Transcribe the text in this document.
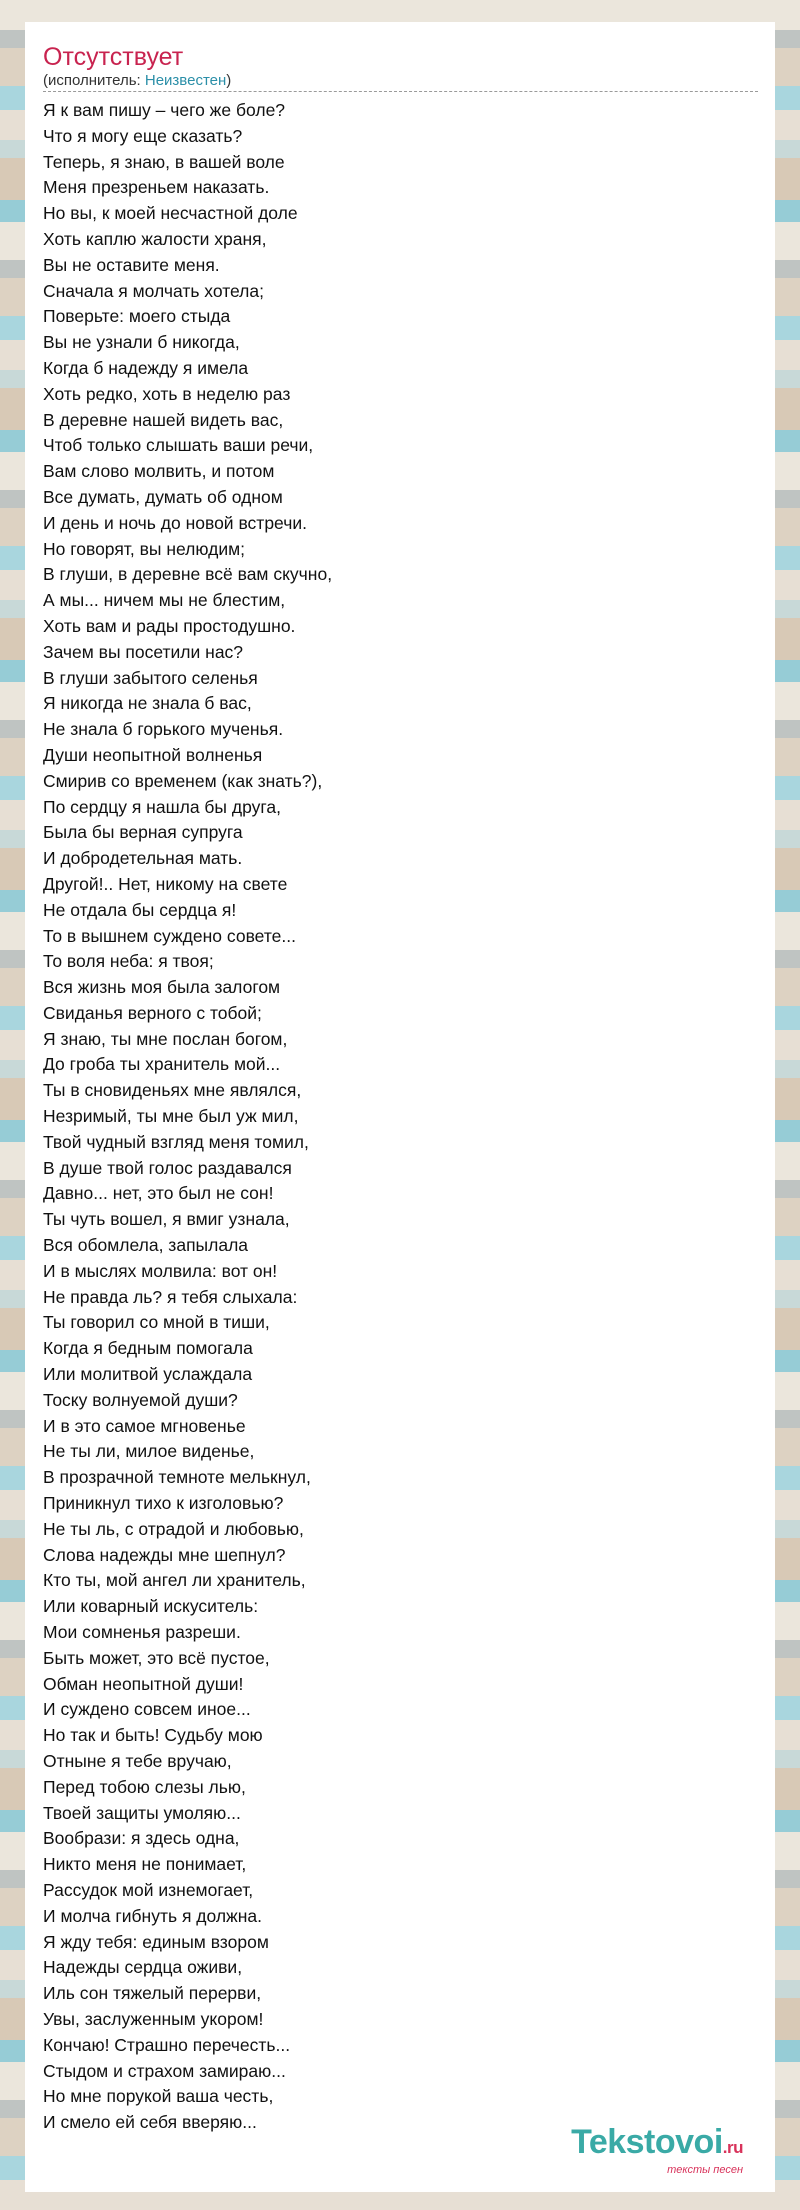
Отсутствует
(исполнитель: Неизвестен)
Я к вам пишу – чего же боле?
Что я могу еще сказать?
Теперь, я знаю, в вашей воле
Меня презреньем наказать.
Но вы, к моей несчастной доле
Хоть каплю жалости храня,
Вы не оставите меня.
Сначала я молчать хотела;
Поверьте: моего стыда
Вы не узнали б никогда,
Когда б надежду я имела
Хоть редко, хоть в неделю раз
В деревне нашей видеть вас,
Чтоб только слышать ваши речи,
Вам слово молвить, и потом
Все думать, думать об одном
И день и ночь до новой встречи.
Но говорят, вы нелюдим;
В глуши, в деревне всё вам скучно,
А мы... ничем мы не блестим,
Хоть вам и рады простодушно.
Зачем вы посетили нас?
В глуши забытого селенья
Я никогда не знала б вас,
Не знала б горького мученья.
Души неопытной волненья
Смирив со временем (как знать?),
По сердцу я нашла бы друга,
Была бы верная супруга
И добродетельная мать.
Другой!.. Нет, никому на свете
Не отдала бы сердца я!
То в вышнем суждено совете...
То воля неба: я твоя;
Вся жизнь моя была залогом
Свиданья верного с тобой;
Я знаю, ты мне послан богом,
До гроба ты хранитель мой...
Ты в сновиденьях мне являлся,
Незримый, ты мне был уж мил,
Твой чудный взгляд меня томил,
В душе твой голос раздавался
Давно... нет, это был не сон!
Ты чуть вошел, я вмиг узнала,
Вся обомлела, запылала
И в мыслях молвила: вот он!
Не правда ль? я тебя слыхала:
Ты говорил со мной в тиши,
Когда я бедным помогала
Или молитвой услаждала
Тоску волнуемой души?
И в это самое мгновенье
Не ты ли, милое виденье,
В прозрачной темноте мелькнул,
Приникнул тихо к изголовью?
Не ты ль, с отрадой и любовью,
Слова надежды мне шепнул?
Кто ты, мой ангел ли хранитель,
Или коварный искуситель:
Мои сомненья разреши.
Быть может, это всё пустое,
Обман неопытной души!
И суждено совсем иное...
Но так и быть! Судьбу мою
Отныне я тебе вручаю,
Перед тобою слезы лью,
Твоей защиты умоляю...
Вообрази: я здесь одна,
Никто меня не понимает,
Рассудок мой изнемогает,
И молча гибнуть я должна.
Я жду тебя: единым взором
Надежды сердца оживи,
Иль сон тяжелый перерви,
Увы, заслуженным укором!
Кончаю! Страшно перечесть...
Стыдом и страхом замираю...
Но мне порукой ваша честь,
И смело ей себя вверяю...
Tekstovoi.ru
тексты песен
